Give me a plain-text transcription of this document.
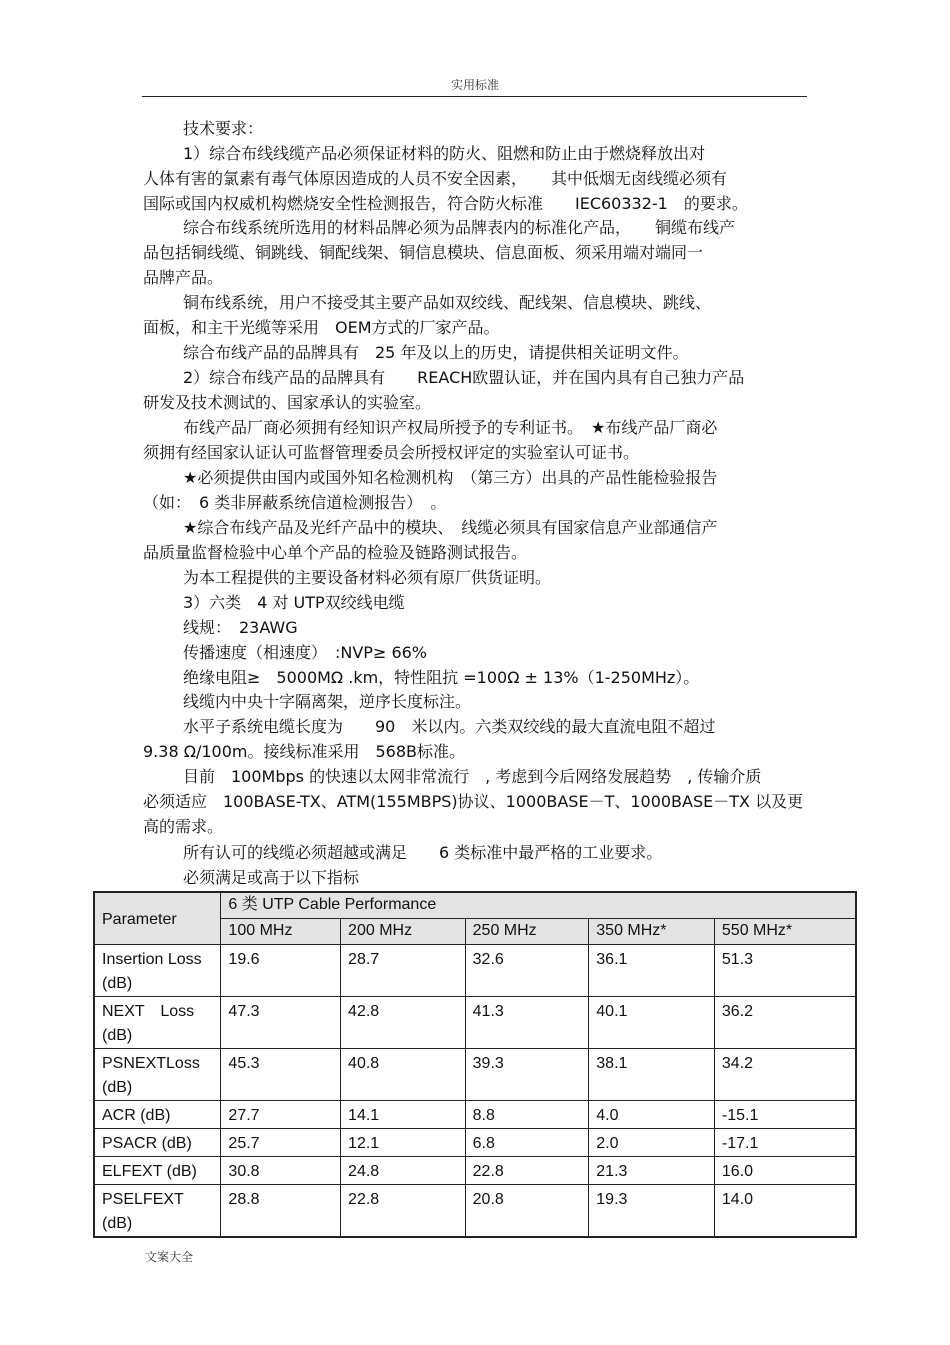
实用标准
技术要求：
1）综合布线线缆产品必须保证材料的防火、阻燃和防止由于燃烧释放出对
人体有害的氯素有毒气体原因造成的人员不安全因素，　　其中低烟无卤线缆必须有
国际或国内权威机构燃烧安全性检测报告，符合防火标准　　IEC60332-1　的要求。
综合布线系统所选用的材料品牌必须为品牌表内的标准化产品，　　铜缆布线产
品包括铜线缆、铜跳线、铜配线架、铜信息模块、信息面板、须采用端对端同一
品牌产品。
铜布线系统，用户不接受其主要产品如双绞线、配线架、信息模块、跳线、
面板，和主干光缆等采用　OEM方式的厂家产品。
综合布线产品的品牌具有　25 年及以上的历史，请提供相关证明文件。
2）综合布线产品的品牌具有　　REACH欧盟认证，并在国内具有自己独力产品
研发及技术测试的、国家承认的实验室。
布线产品厂商必须拥有经知识产权局所授予的专利证书。　★布线产品厂商必
须拥有经国家认证认可监督管理委员会所授权评定的实验室认可证书。
★必须提供由国内或国外知名检测机构　（第三方）出具的产品性能检验报告
（如：　6 类非屏蔽系统信道检测报告）　。
★综合布线产品及光纤产品中的模块、　线缆必须具有国家信息产业部通信产
品质量监督检验中心单个产品的检验及链路测试报告。
为本工程提供的主要设备材料必须有原厂供货证明。
3）六类　4 对 UTP双绞线电缆
线规：　23AWG
传播速度（相速度）　:NVP≥ 66%
绝缘电阻≥　5000MΩ .km，特性阻抗 =100Ω ± 13%（1-250MHz）。
线缆内中央十字隔离架，逆序长度标注。
水平子系统电缆长度为　　90　米以内。六类双绞线的最大直流电阻不超过
9.38 Ω/100m。接线标准采用　568B标准。
目前　100Mbps 的快速以太网非常流行　, 考虑到今后网络发展趋势　, 传输介质
必须适应　100BASE-TX、ATM(155MBPS)协议、1000BASE－T、1000BASE－TX 以及更
高的需求。
所有认可的线缆必须超越或满足　　6 类标准中最严格的工业要求。
必须满足或高于以下指标
Parameter	6 类 UTP Cable Performance				
	100 MHz	200 MHz	250 MHz	350 MHz*	550 MHz*
Insertion Loss (dB)	19.6	28.7	32.6	36.1	51.3
NEXT　Loss (dB)	47.3	42.8	41.3	40.1	36.2
PSNEXTLoss (dB)	45.3	40.8	39.3	38.1	34.2
ACR (dB)	27.7	14.1	8.8	4.0	-15.1
PSACR (dB)	25.7	12.1	6.8	2.0	-17.1
ELFEXT (dB)	30.8	24.8	22.8	21.3	16.0
PSELFEXT (dB)	28.8	22.8	20.8	19.3	14.0
文案大全
